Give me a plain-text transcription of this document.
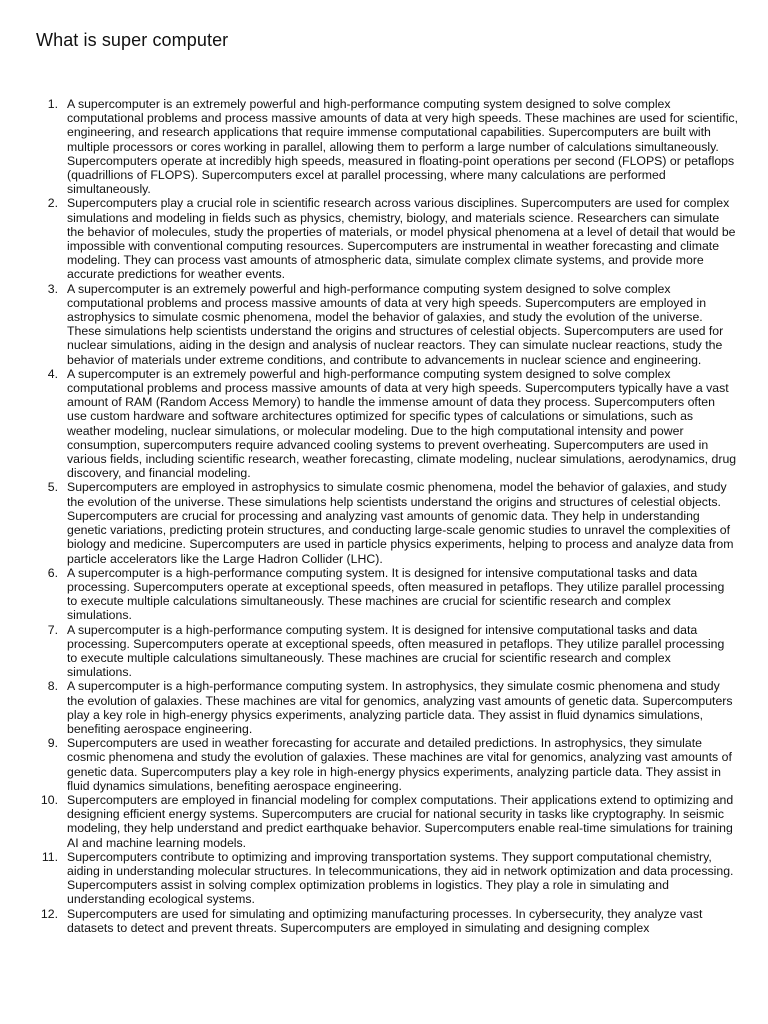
What is super computer
1. A supercomputer is an extremely powerful and high-performance computing system designed to solve complex computational problems and process massive amounts of data at very high speeds. These machines are used for scientific, engineering, and research applications that require immense computational capabilities. Supercomputers are built with multiple processors or cores working in parallel, allowing them to perform a large number of calculations simultaneously. Supercomputers operate at incredibly high speeds, measured in floating-point operations per second (FLOPS) or petaflops (quadrillions of FLOPS). Supercomputers excel at parallel processing, where many calculations are performed simultaneously.
2. Supercomputers play a crucial role in scientific research across various disciplines. Supercomputers are used for complex simulations and modeling in fields such as physics, chemistry, biology, and materials science. Researchers can simulate the behavior of molecules, study the properties of materials, or model physical phenomena at a level of detail that would be impossible with conventional computing resources. Supercomputers are instrumental in weather forecasting and climate modeling. They can process vast amounts of atmospheric data, simulate complex climate systems, and provide more accurate predictions for weather events.
3. A supercomputer is an extremely powerful and high-performance computing system designed to solve complex computational problems and process massive amounts of data at very high speeds. Supercomputers are employed in astrophysics to simulate cosmic phenomena, model the behavior of galaxies, and study the evolution of the universe. These simulations help scientists understand the origins and structures of celestial objects. Supercomputers are used for nuclear simulations, aiding in the design and analysis of nuclear reactors. They can simulate nuclear reactions, study the behavior of materials under extreme conditions, and contribute to advancements in nuclear science and engineering.
4. A supercomputer is an extremely powerful and high-performance computing system designed to solve complex computational problems and process massive amounts of data at very high speeds. Supercomputers typically have a vast amount of RAM (Random Access Memory) to handle the immense amount of data they process. Supercomputers often use custom hardware and software architectures optimized for specific types of calculations or simulations, such as weather modeling, nuclear simulations, or molecular modeling. Due to the high computational intensity and power consumption, supercomputers require advanced cooling systems to prevent overheating. Supercomputers are used in various fields, including scientific research, weather forecasting, climate modeling, nuclear simulations, aerodynamics, drug discovery, and financial modeling.
5. Supercomputers are employed in astrophysics to simulate cosmic phenomena, model the behavior of galaxies, and study the evolution of the universe. These simulations help scientists understand the origins and structures of celestial objects. Supercomputers are crucial for processing and analyzing vast amounts of genomic data. They help in understanding genetic variations, predicting protein structures, and conducting large-scale genomic studies to unravel the complexities of biology and medicine. Supercomputers are used in particle physics experiments, helping to process and analyze data from particle accelerators like the Large Hadron Collider (LHC).
6. A supercomputer is a high-performance computing system. It is designed for intensive computational tasks and data processing. Supercomputers operate at exceptional speeds, often measured in petaflops. They utilize parallel processing to execute multiple calculations simultaneously. These machines are crucial for scientific research and complex simulations.
7. A supercomputer is a high-performance computing system. It is designed for intensive computational tasks and data processing. Supercomputers operate at exceptional speeds, often measured in petaflops. They utilize parallel processing to execute multiple calculations simultaneously. These machines are crucial for scientific research and complex simulations.
8. A supercomputer is a high-performance computing system. In astrophysics, they simulate cosmic phenomena and study the evolution of galaxies. These machines are vital for genomics, analyzing vast amounts of genetic data. Supercomputers play a key role in high-energy physics experiments, analyzing particle data. They assist in fluid dynamics simulations, benefiting aerospace engineering.
9. Supercomputers are used in weather forecasting for accurate and detailed predictions. In astrophysics, they simulate cosmic phenomena and study the evolution of galaxies. These machines are vital for genomics, analyzing vast amounts of genetic data. Supercomputers play a key role in high-energy physics experiments, analyzing particle data. They assist in fluid dynamics simulations, benefiting aerospace engineering.
10. Supercomputers are employed in financial modeling for complex computations. Their applications extend to optimizing and designing efficient energy systems. Supercomputers are crucial for national security in tasks like cryptography. In seismic modeling, they help understand and predict earthquake behavior. Supercomputers enable real-time simulations for training AI and machine learning models.
11. Supercomputers contribute to optimizing and improving transportation systems. They support computational chemistry, aiding in understanding molecular structures. In telecommunications, they aid in network optimization and data processing. Supercomputers assist in solving complex optimization problems in logistics. They play a role in simulating and understanding ecological systems.
12. Supercomputers are used for simulating and optimizing manufacturing processes. In cybersecurity, they analyze vast datasets to detect and prevent threats. Supercomputers are employed in simulating and designing complex
